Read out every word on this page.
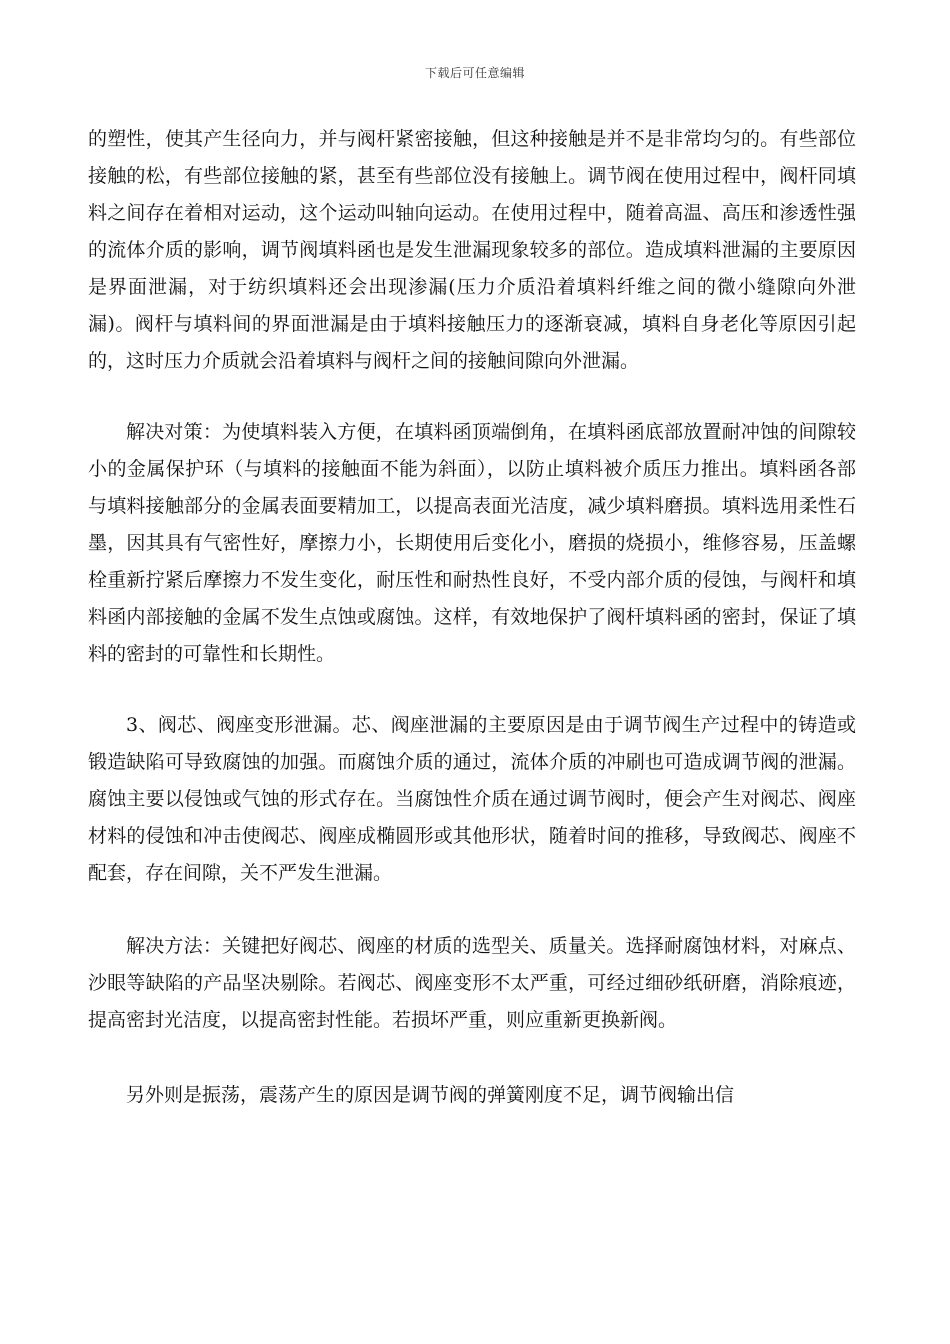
下载后可任意编辑

的塑性，使其产生径向力，并与阀杆紧密接触，但这种接触是并不是非常均匀的。有些部位接触的松，有些部位接触的紧，甚至有些部位没有接触上。调节阀在使用过程中，阀杆同填料之间存在着相对运动，这个运动叫轴向运动。在使用过程中，随着高温、高压和渗透性强的流体介质的影响，调节阀填料函也是发生泄漏现象较多的部位。造成填料泄漏的主要原因是界面泄漏，对于纺织填料还会出现渗漏(压力介质沿着填料纤维之间的微小缝隙向外泄漏)。阀杆与填料间的界面泄漏是由于填料接触压力的逐渐衰减，填料自身老化等原因引起的，这时压力介质就会沿着填料与阀杆之间的接触间隙向外泄漏。

解决对策：为使填料装入方便，在填料函顶端倒角，在填料函底部放置耐冲蚀的间隙较小的金属保护环（与填料的接触面不能为斜面），以防止填料被介质压力推出。填料函各部与填料接触部分的金属表面要精加工，以提高表面光洁度，减少填料磨损。填料选用柔性石墨，因其具有气密性好，摩擦力小，长期使用后变化小，磨损的烧损小，维修容易，压盖螺栓重新拧紧后摩擦力不发生变化，耐压性和耐热性良好，不受内部介质的侵蚀，与阀杆和填料函内部接触的金属不发生点蚀或腐蚀。这样，有效地保护了阀杆填料函的密封，保证了填料的密封的可靠性和长期性。

3、阀芯、阀座变形泄漏。芯、阀座泄漏的主要原因是由于调节阀生产过程中的铸造或锻造缺陷可导致腐蚀的加强。而腐蚀介质的通过，流体介质的冲刷也可造成调节阀的泄漏。腐蚀主要以侵蚀或气蚀的形式存在。当腐蚀性介质在通过调节阀时，便会产生对阀芯、阀座材料的侵蚀和冲击使阀芯、阀座成椭圆形或其他形状，随着时间的推移，导致阀芯、阀座不配套，存在间隙，关不严发生泄漏。

解决方法：关键把好阀芯、阀座的材质的选型关、质量关。选择耐腐蚀材料，对麻点、沙眼等缺陷的产品坚决剔除。若阀芯、阀座变形不太严重，可经过细砂纸研磨，消除痕迹，提高密封光洁度，以提高密封性能。若损坏严重，则应重新更换新阀。

另外则是振荡，震荡产生的原因是调节阀的弹簧刚度不足，调节阀输出信
